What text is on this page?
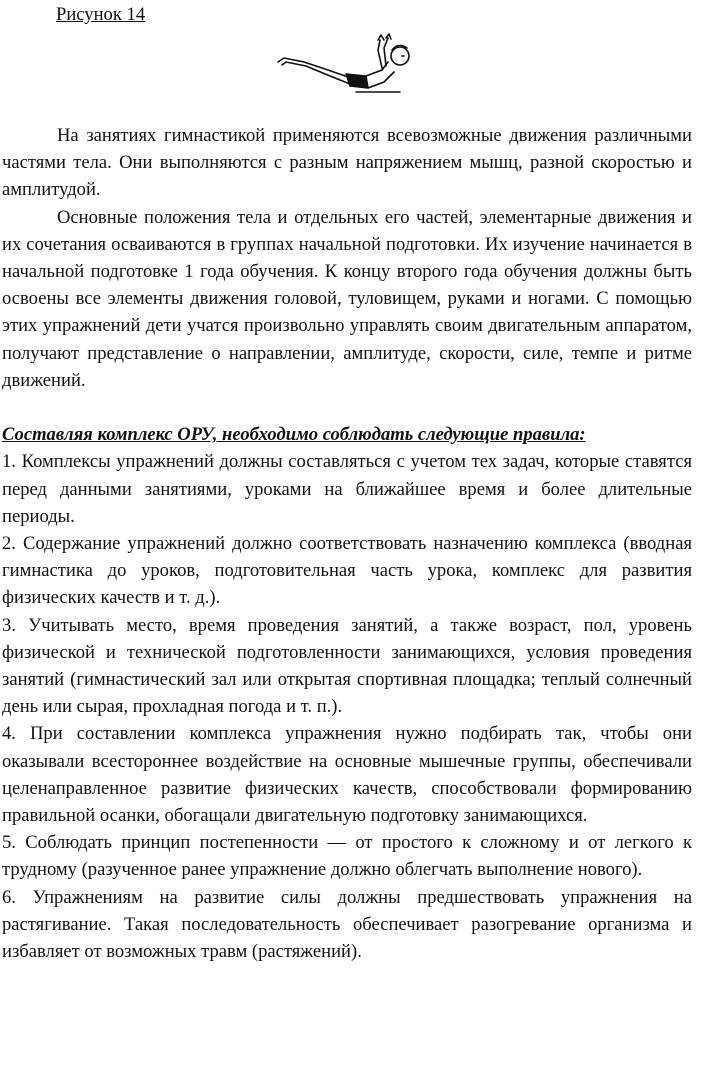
Рисунок 14

На занятиях гимнастикой применяются всевозможные движения различными частями тела. Они выполняются с разным напряжением мышц, разной скоростью и амплитудой.

Основные положения тела и отдельных его частей, элементарные движения и их сочетания осваиваются в группах начальной подготовки. Их изучение начинается в начальной подготовке 1 года обучения. К концу второго года обучения должны быть освоены все элементы движения головой, туловищем, руками и ногами. С помощью этих упражнений дети учатся произвольно управлять своим двигательным аппаратом, получают представление о направлении, амплитуде, скорости, силе, темпе и ритме движений.

Составляя комплекс ОРУ, необходимо соблюдать следующие правила:

1. Комплексы упражнений должны составляться с учетом тех задач, которые ставятся перед данными занятиями, уроками на ближайшее время и более длительные периоды.
2. Содержание упражнений должно соответствовать назначению комплекса (вводная гимнастика до уроков, подготовительная часть урока, комплекс для развития физических качеств и т. д.).
3. Учитывать место, время проведения занятий, а также возраст, пол, уровень физической и технической подготовленности занимающихся, условия проведения занятий (гимнастический зал или открытая спортивная площадка; теплый солнечный день или сырая, прохладная погода и т. п.).
4. При составлении комплекса упражнения нужно подбирать так, чтобы они оказывали всестороннее воздействие на основные мышечные группы, обеспечивали целенаправленное развитие физических качеств, способствовали формированию правильной осанки, обогащали двигательную подготовку занимающихся.
5. Соблюдать принцип постепенности — от простого к сложному и от легкого к трудному (разученное ранее упражнение должно облегчать выполнение нового).
6. Упражнениям на развитие силы должны предшествовать упражнения на растягивание. Такая последовательность обеспечивает разогревание организма и избавляет от возможных травм (растяжений).
